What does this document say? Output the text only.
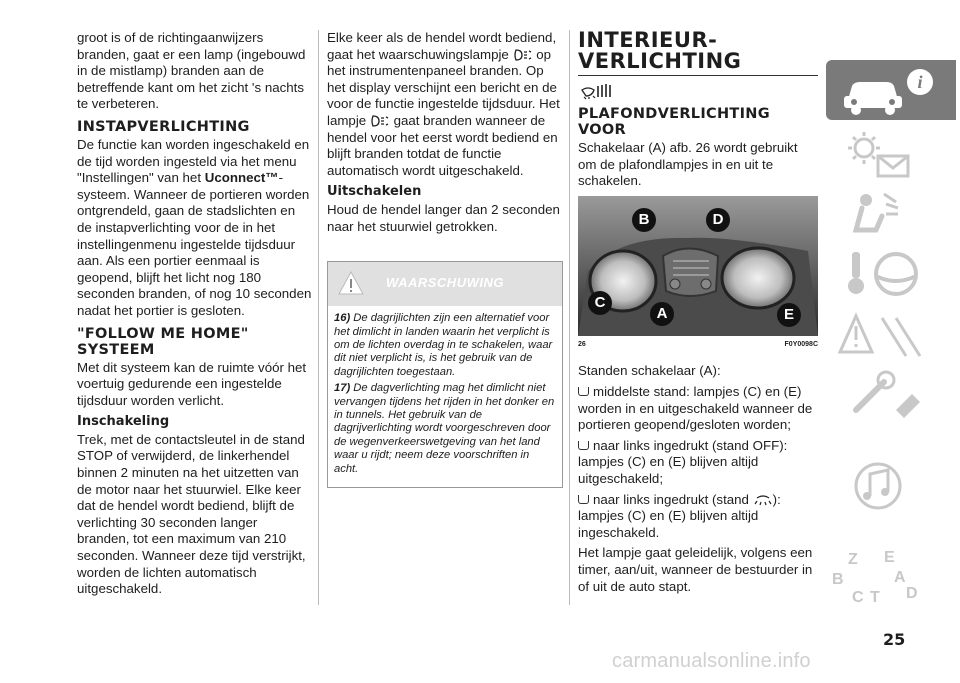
groot is of de richtingaanwijzers branden, gaat er een lamp (ingebouwd in de mistlamp) branden aan de betreffende kant om het zicht 's nachts te verbeteren.

INSTAPVERLICHTING

De functie kan worden ingeschakeld en de tijd worden ingesteld via het menu "Instellingen" van het Uconnect™-systeem. Wanneer de portieren worden ontgrendeld, gaan de stadslichten en de instapverlichting voor de in het instellingenmenu ingestelde tijdsduur aan. Als een portier eenmaal is geopend, blijft het licht nog 180 seconden branden, of nog 10 seconden nadat het portier is gesloten.

"FOLLOW ME HOME" SYSTEEM

Met dit systeem kan de ruimte vóór het voertuig gedurende een ingestelde tijdsduur worden verlicht.

Inschakeling

Trek, met de contactsleutel in de stand STOP of verwijderd, de linkerhendel binnen 2 minuten na het uitzetten van de motor naar het stuurwiel. Elke keer dat de hendel wordt bediend, blijft de verlichting 30 seconden langer branden, tot een maximum van 210 seconden. Wanneer deze tijd verstrijkt, worden de lichten automatisch uitgeschakeld.

Elke keer als de hendel wordt bediend, gaat het waarschuwingslampje  op het instrumentenpaneel branden. Op het display verschijnt een bericht en de voor de functie ingestelde tijdsduur. Het lampje  gaat branden wanneer de hendel voor het eerst wordt bediend en blijft branden totdat de functie automatisch wordt uitgeschakeld.

Uitschakelen

Houd de hendel langer dan 2 seconden naar het stuurwiel getrokken.

WAARSCHUWING

16) De dagrijlichten zijn een alternatief voor het dimlicht in landen waarin het verplicht is om de lichten overdag in te schakelen, waar dit niet verplicht is, is het gebruik van de dagrijlichten toegestaan.

17) De dagverlichting mag het dimlicht niet vervangen tijdens het rijden in het donker en in tunnels. Het gebruik van de dagrijverlichting wordt voorgeschreven door de wegenverkeerswetgeving van het land waar u rijdt; neem deze voorschriften in acht.

INTERIEUR-VERLICHTING
PLAFONDVERLICHTING VOOR

Schakelaar (A) afb. 26 wordt gebruikt om de plafondlampjes in en uit te schakelen.

B	D
C
A	E
26	F0Y0098C

Standen schakelaar (A):

middelste stand: lampjes (C) en (E) worden in en uitgeschakeld wanneer de portieren geopend/gesloten worden;

naar links ingedrukt (stand OFF): lampjes (C) en (E) blijven altijd uitgeschakeld;

naar links ingedrukt (stand ): lampjes (C) en (E) blijven altijd ingeschakeld.

Het lampje gaat geleidelijk, volgens een timer, aan/uit, wanneer de bestuurder in of uit de auto stapt.

i
Z E
B	A
C T D
25
carmanualsonline.info
